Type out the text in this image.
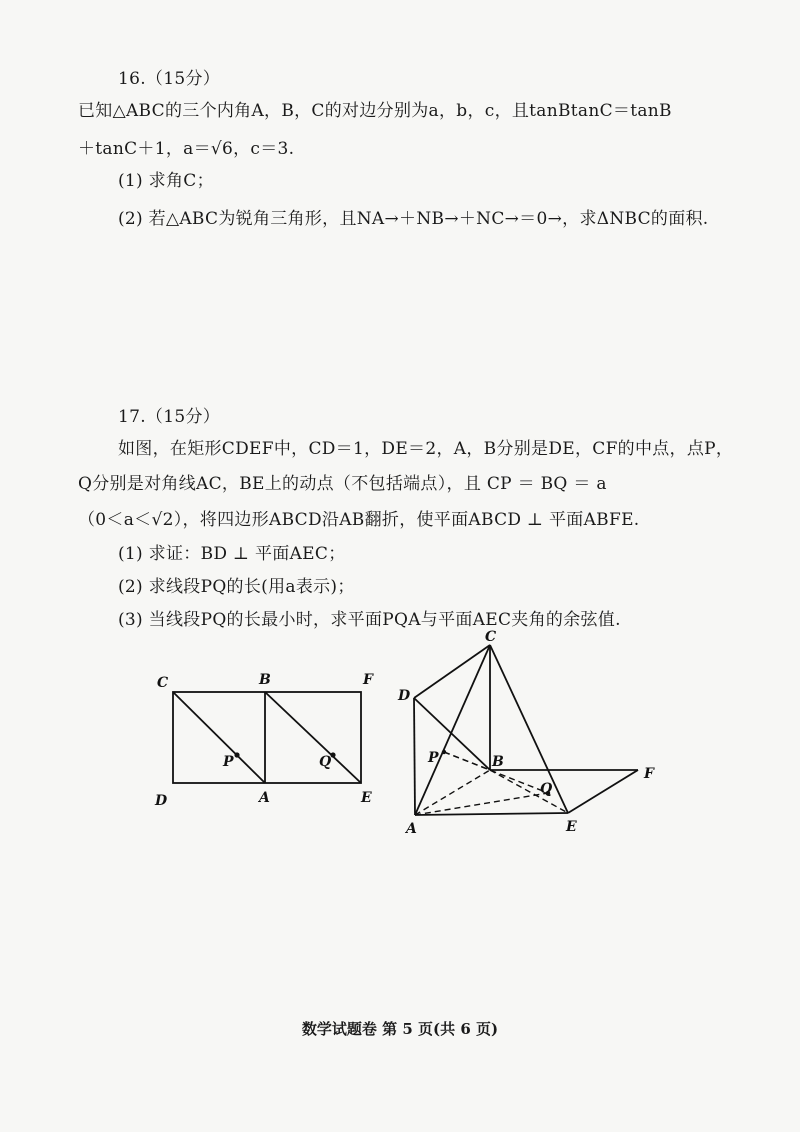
16.（15分）
已知△ABC的三个内角A，B，C的对边分别为a，b，c，且tanBtanC＝tanB
＋tanC＋1，a＝√6，c＝3.
(1) 求角C；
(2) 若△ABC为锐角三角形，且NA→＋NB→＋NC→＝0→，求ΔNBC的面积.
17.（15分）
如图，在矩形CDEF中，CD＝1，DE＝2，A，B分别是DE，CF的中点，点P，
Q分别是对角线AC，BE上的动点（不包括端点），且 CP ＝ BQ ＝ a
（0＜a＜√2），将四边形ABCD沿AB翻折，使平面ABCD ⊥ 平面ABFE.
(1) 求证：BD ⊥ 平面AEC；
(2) 求线段PQ的长(用a表示)；
(3) 当线段PQ的长最小时，求平面PQA与平面AEC夹角的余弦值.
C	B	F
D	A	E
P	Q
C
D
P	B
F
Q
A	E
数学试题卷 第 5 页(共 6 页)
